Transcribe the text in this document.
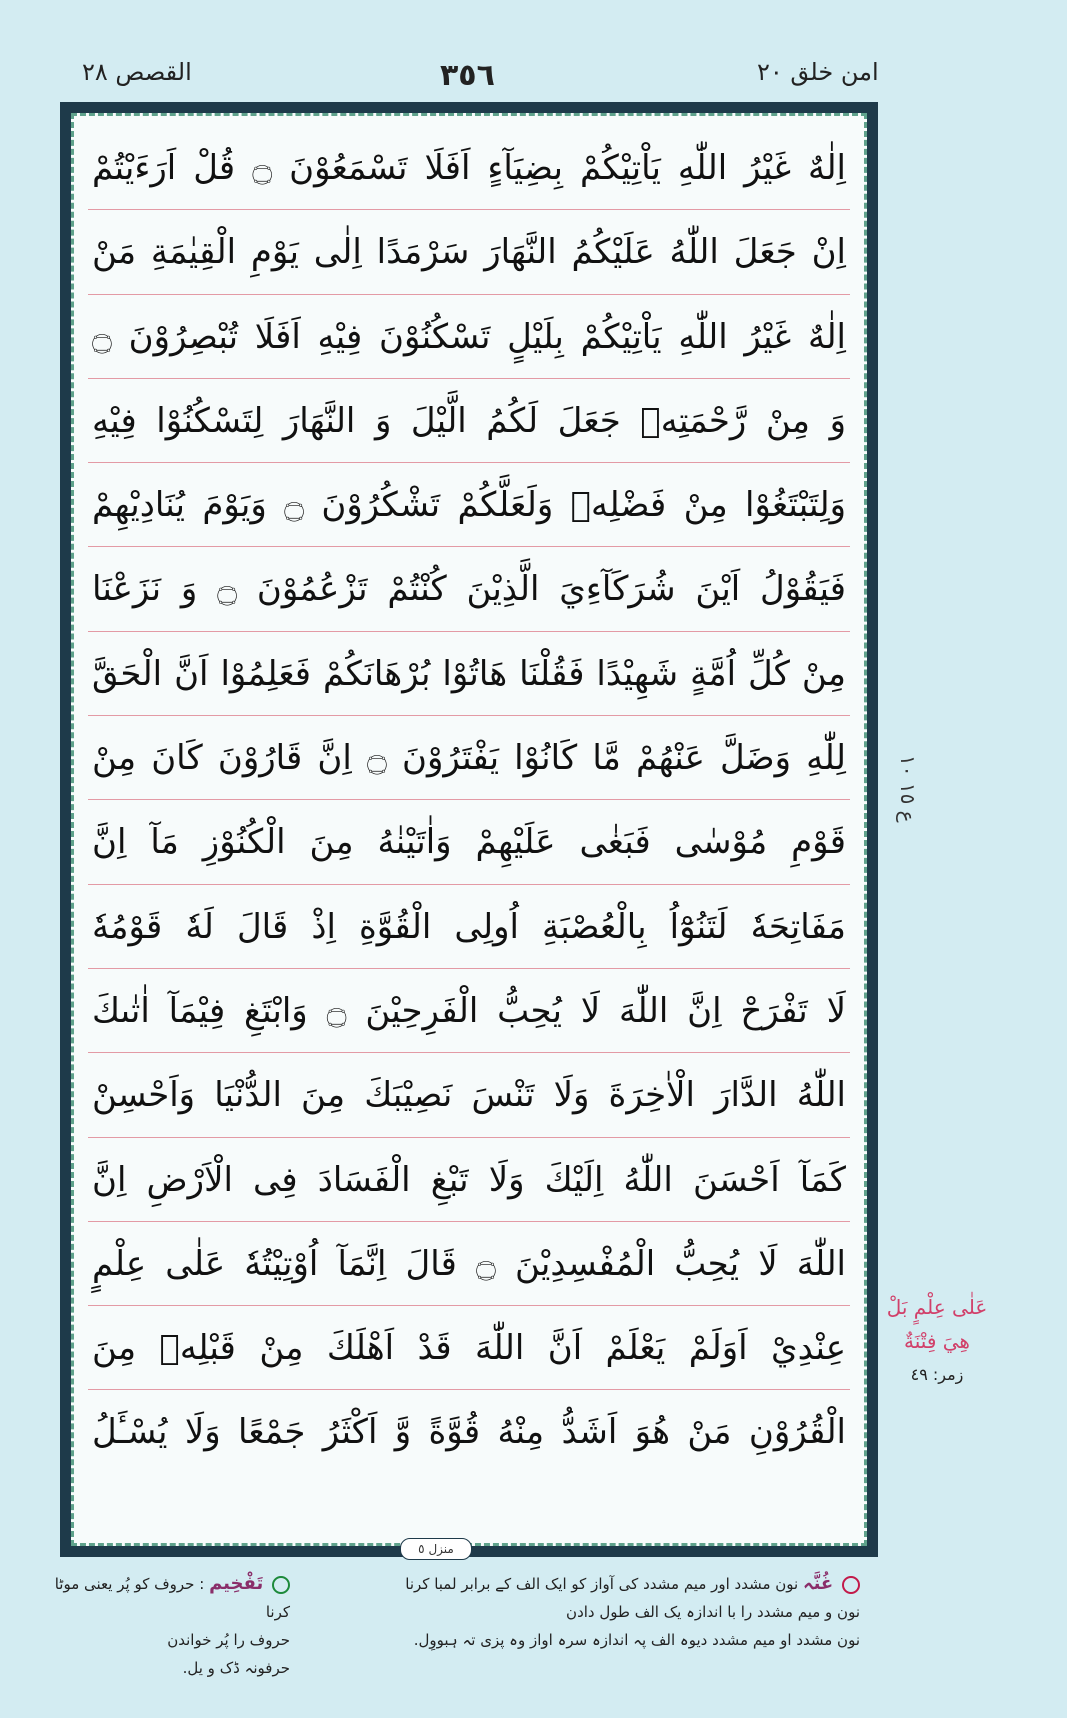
القصص ٢٨	٣٥٦	امن خلق ٢٠
اِلٰهٌ غَيْرُ اللّٰهِ يَاْتِيْكُمْ بِضِيَآءٍ اَفَلَا تَسْمَعُوْنَ ۝ قُلْ اَرَءَيْتُمْ
اِنْ جَعَلَ اللّٰهُ عَلَيْكُمُ النَّهَارَ سَرْمَدًا اِلٰى يَوْمِ الْقِيٰمَةِ مَنْ
اِلٰهٌ غَيْرُ اللّٰهِ يَاْتِيْكُمْ بِلَيْلٍ تَسْكُنُوْنَ فِيْهِ اَفَلَا تُبْصِرُوْنَ ۝
وَ مِنْ رَّحْمَتِهٖ جَعَلَ لَكُمُ الَّيْلَ وَ النَّهَارَ لِتَسْكُنُوْا فِيْهِ
وَلِتَبْتَغُوْا مِنْ فَضْلِهٖ وَلَعَلَّكُمْ تَشْكُرُوْنَ ۝ وَيَوْمَ يُنَادِيْهِمْ
فَيَقُوْلُ اَيْنَ شُرَكَآءِيَ الَّذِيْنَ كُنْتُمْ تَزْعُمُوْنَ ۝ وَ نَزَعْنَا
مِنْ كُلِّ اُمَّةٍ شَهِيْدًا فَقُلْنَا هَاتُوْا بُرْهَانَكُمْ فَعَلِمُوْا اَنَّ الْحَقَّ
لِلّٰهِ وَضَلَّ عَنْهُمْ مَّا كَانُوْا يَفْتَرُوْنَ ۝ اِنَّ قَارُوْنَ كَانَ مِنْ
قَوْمِ مُوْسٰى فَبَغٰى عَلَيْهِمْ وَاٰتَيْنٰهُ مِنَ الْكُنُوْزِ مَآ اِنَّ
مَفَاتِحَهٗ لَتَنُوْٓاُ بِالْعُصْبَةِ اُولِى الْقُوَّةِ اِذْ قَالَ لَهٗ قَوْمُهٗ
لَا تَفْرَحْ اِنَّ اللّٰهَ لَا يُحِبُّ الْفَرِحِيْنَ ۝ وَابْتَغِ فِيْمَآ اٰتٰىكَ
اللّٰهُ الدَّارَ الْاٰخِرَةَ وَلَا تَنْسَ نَصِيْبَكَ مِنَ الدُّنْيَا وَاَحْسِنْ
كَمَآ اَحْسَنَ اللّٰهُ اِلَيْكَ وَلَا تَبْغِ الْفَسَادَ فِى الْاَرْضِ اِنَّ
اللّٰهَ لَا يُحِبُّ الْمُفْسِدِيْنَ ۝ قَالَ اِنَّمَآ اُوْتِيْتُهٗ عَلٰى عِلْمٍ
عِنْدِيْ اَوَلَمْ يَعْلَمْ اَنَّ اللّٰهَ قَدْ اَهْلَكَ مِنْ قَبْلِهٖ مِنَ
الْقُرُوْنِ مَنْ هُوَ اَشَدُّ مِنْهُ قُوَّةً وَّ اَكْثَرُ جَمْعًا وَلَا يُسْـَٔلُ
منزل ٥
ع ١٥ ١٠
عَلٰى عِلْمٍ بَلْ
هِيَ فِتْنَةٌ
زمر: ٤٩
غُنَّہ نون مشدد اور میم مشدد کی آواز کو ایک الف کے برابر لمبا کرنا
نون و میم مشدد را با اندازہ یک الف طول دادن
نون مشدد او میم مشدد دیوہ الف پہ اندازہ سرہ اواز وہ پزی تہ ہبووِل.
تَفْخِيم : حروف کو پُر یعنی موٹا کرنا
حروف را پُر خواندن
حرفونہ ڈک و یل.
